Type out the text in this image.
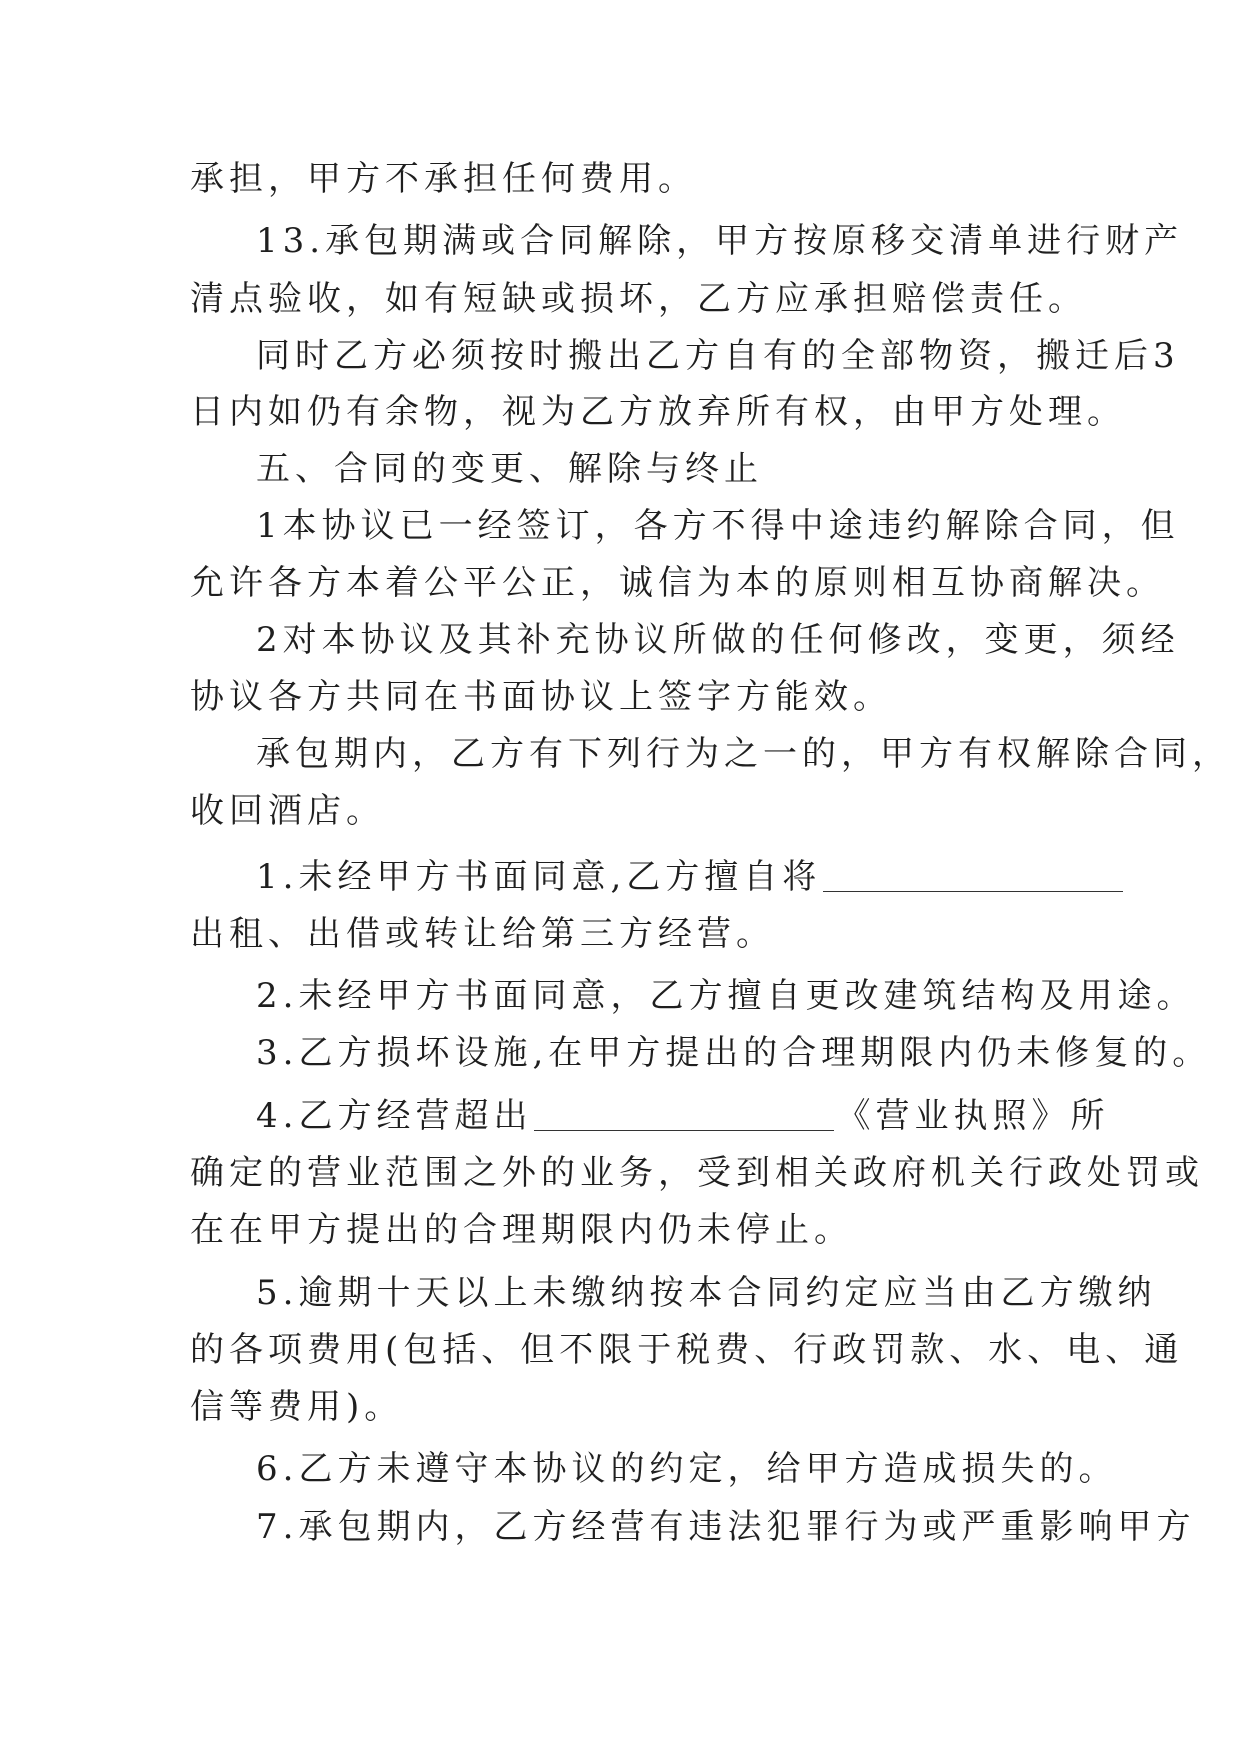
承担，甲方不承担任何费用。
13.承包期满或合同解除，甲方按原移交清单进行财产
清点验收，如有短缺或损坏，乙方应承担赔偿责任。
同时乙方必须按时搬出乙方自有的全部物资，搬迁后3
日内如仍有余物，视为乙方放弃所有权，由甲方处理。
五、合同的变更、解除与终止
1本协议已一经签订，各方不得中途违约解除合同，但
允许各方本着公平公正，诚信为本的原则相互协商解决。
2对本协议及其补充协议所做的任何修改，变更，须经
协议各方共同在书面协议上签字方能效。
承包期内，乙方有下列行为之一的，甲方有权解除合同，
收回酒店。
1.未经甲方书面同意,乙方擅自将
出租、出借或转让给第三方经营。
2.未经甲方书面同意，乙方擅自更改建筑结构及用途。
3.乙方损坏设施,在甲方提出的合理期限内仍未修复的。
4.乙方经营超出	《营业执照》所
确定的营业范围之外的业务，受到相关政府机关行政处罚或
在在甲方提出的合理期限内仍未停止。
5.逾期十天以上未缴纳按本合同约定应当由乙方缴纳
的各项费用(包括、但不限于税费、行政罚款、水、电、通
信等费用)。
6.乙方未遵守本协议的约定，给甲方造成损失的。
7.承包期内，乙方经营有违法犯罪行为或严重影响甲方
